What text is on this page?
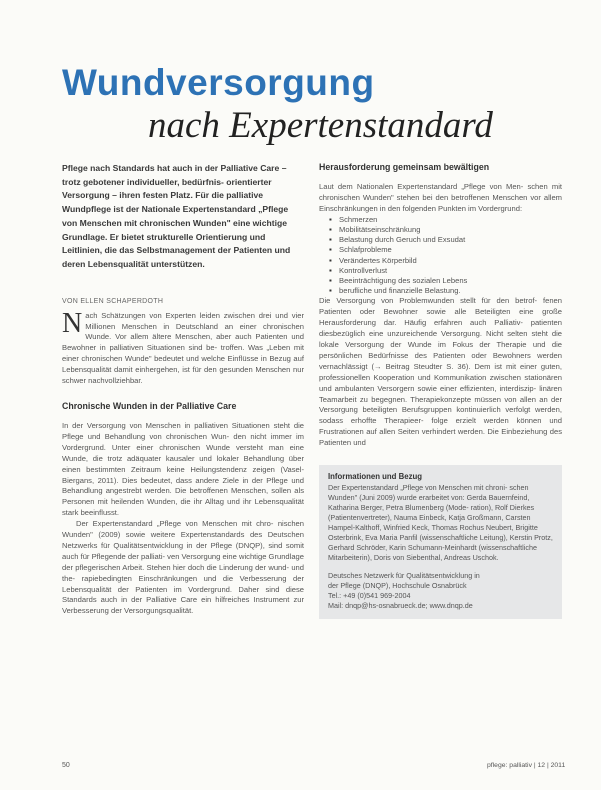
Wundversorgung
nach Expertenstandard

Pflege nach Standards hat auch in der Palliative Care – trotz gebotener individueller, bedürfnis- orientierter Versorgung – ihren festen Platz. Für die palliative Wundpflege ist der Nationale Expertenstandard „Pflege von Menschen mit chronischen Wunden" eine wichtige Grundlage. Er bietet strukturelle Orientierung und Leitlinien, die das Selbstmanagement der Patienten und deren Lebensqualität unterstützen.

VON ELLEN SCHAPERDOTH

Nach Schätzungen von Experten leiden zwischen drei und vier Millionen Menschen in Deutschland an einer chronischen Wunde. Vor allem ältere Menschen, aber auch Patienten und Bewohner in palliativen Situationen sind be- troffen. Was „Leben mit einer chronischen Wunde" bedeutet und welche Einflüsse in Bezug auf Lebensqualität damit einhergehen, ist für den gesunden Menschen nur schwer nachvollziehbar.
Chronische Wunden in der Palliative Care

In der Versorgung von Menschen in palliativen Situationen steht die Pflege und Behandlung von chronischen Wun- den nicht immer im Vordergrund. Unter einer chronischen Wunde versteht man eine Wunde, die trotz adäquater kausaler und lokaler Behandlung über einen bestimmten Zeitraum keine Heilungstendenz zeigen (Vasel-Biergans, 2011). Dies bedeutet, dass andere Ziele in der Pflege und Behandlung angestrebt werden. Die betroffenen Menschen, sollen als Personen mit heilenden Wunden, die ihr Alltag und ihr Lebensqualität stark beeinflusst.

Der Expertenstandard „Pflege von Menschen mit chro- nischen Wunden" (2009) sowie weitere Expertenstandards des Deutschen Netzwerks für Qualitätsentwicklung in der Pflege (DNQP), sind somit auch für Pflegende der palliati- ven Versorgung eine wichtige Grundlage der pflegerischen Arbeit. Stehen hier doch die Linderung der wund- und the- rapiebedingten Einschränkungen und die Verbesserung der Lebensqualität der Patienten im Vordergrund. Daher sind diese Standards auch in der Palliative Care ein hilfreiches Instrument zur Verbesserung der Versorgungsqualität.

Herausforderung gemeinsam bewältigen

Laut dem Nationalen Expertenstandard „Pflege von Men- schen mit chronischen Wunden" stehen bei den betroffenen Menschen vor allem Einschränkungen in den folgenden Punkten im Vordergrund:

▪ Schmerzen
▪ Mobilitätseinschränkung
▪ Belastung durch Geruch und Exsudat
▪ Schlafprobleme
▪ Verändertes Körperbild
▪ Kontrollverlust
▪ Beeinträchtigung des sozialen Lebens
▪ berufliche und finanzielle Belastung.

Die Versorgung von Problemwunden stellt für den betrof- fenen Patienten oder Bewohner sowie alle Beteiligten eine große Herausforderung dar. Häufig erfahren auch Palliativ- patienten diesbezüglich eine unzureichende Versorgung. Nicht selten steht die lokale Versorgung der Wunde im Fokus der Therapie und die persönlichen Bedürfnisse des Patienten oder Bewohners werden vernachlässigt (→ Beitrag Steudter S. 36). Dem ist mit einer guten, professionellen Kooperation und Kommunikation zwischen stationären und ambulanten Versorgern sowie einer effizienten, interdiszip- linären Teamarbeit zu begegnen. Therapiekonzepte müssen von allen an der Versorgung beteiligten Berufsgruppen kontinuierlich verfolgt werden, sodass erhoffte Therapieer- folge erzielt werden können und Frustrationen auf allen Seiten verhindert werden. Die Einbeziehung des Patienten und

Informationen und Bezug

Der Expertenstandard „Pflege von Menschen mit chroni- schen Wunden" (Juni 2009) wurde erarbeitet von: Gerda Bauernfeind, Katharina Berger, Petra Blumenberg (Mode- ration), Rolf Dierkes (Patientenvertreter), Nauma Einbeck, Katja Großmann, Carsten Hampel-Kalthoff, Winfried Keck, Thomas Rochus Neubert, Brigitte Osterbrink, Eva Maria Panfil (wissenschaftliche Leitung), Kerstin Protz, Gerhard Schröder, Karin Schumann-Meinhardt (wissenschaftliche Mitarbeiterin), Doris von Siebenthal, Andreas Uschok.

Deutsches Netzwerk für Qualitätsentwicklung in
der Pflege (DNQP), Hochschule Osnabrück
Tel.: +49 (0)541 969-2004
Mail: dnqp@hs-osnabrueck.de; www.dnqp.de
50	pflege: palliativ | 12 | 2011
